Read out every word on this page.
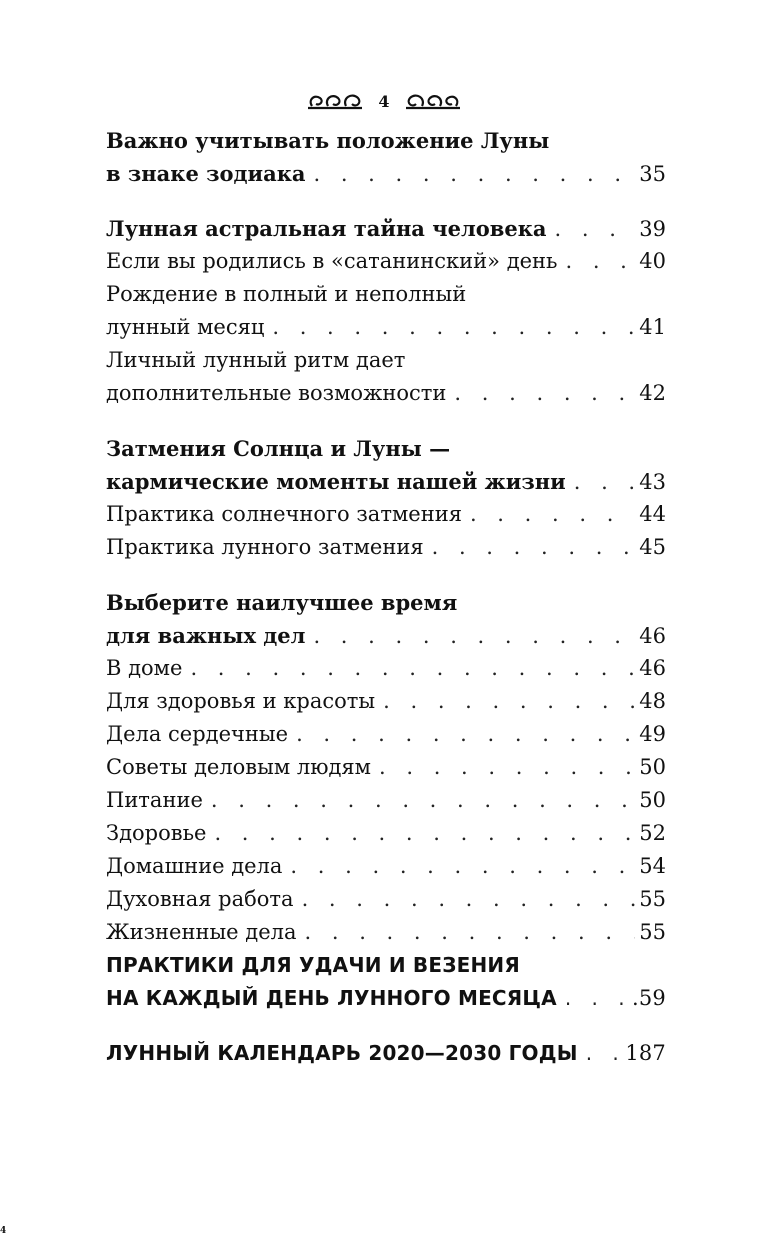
4
Важно учитывать положение Луны
в знаке зодиака . . .	35
Лунная астральная тайна человека . . .	39
Если вы родились в «сатанинский» день . . .	40
Рождение в полный и неполный
лунный месяц . . .	41
Личный лунный ритм дает
дополнительные возможности . . .	42
Затмения Солнца и Луны —
кармические моменты нашей жизни . . .	43
Практика солнечного затмения . . .	44
Практика лунного затмения . . .	45
Выберите наилучшее время
для важных дел . . .	46
В доме . . .	46
Для здоровья и красоты . . .	48
Дела сердечные . . .	49
Советы деловым людям . . .	50
Питание . . .	50
Здоровье . . .	52
Домашние дела . . .	54
Духовная работа . . .	55
Жизненные дела . . .	55
ПРАКТИКИ ДЛЯ УДАЧИ И ВЕЗЕНИЯ
НА КАЖДЫЙ ДЕНЬ ЛУННОГО МЕСЯЦА . . .	.59
ЛУННЫЙ КАЛЕНДАРЬ 2020—2030 ГОДЫ . . . 187
4
